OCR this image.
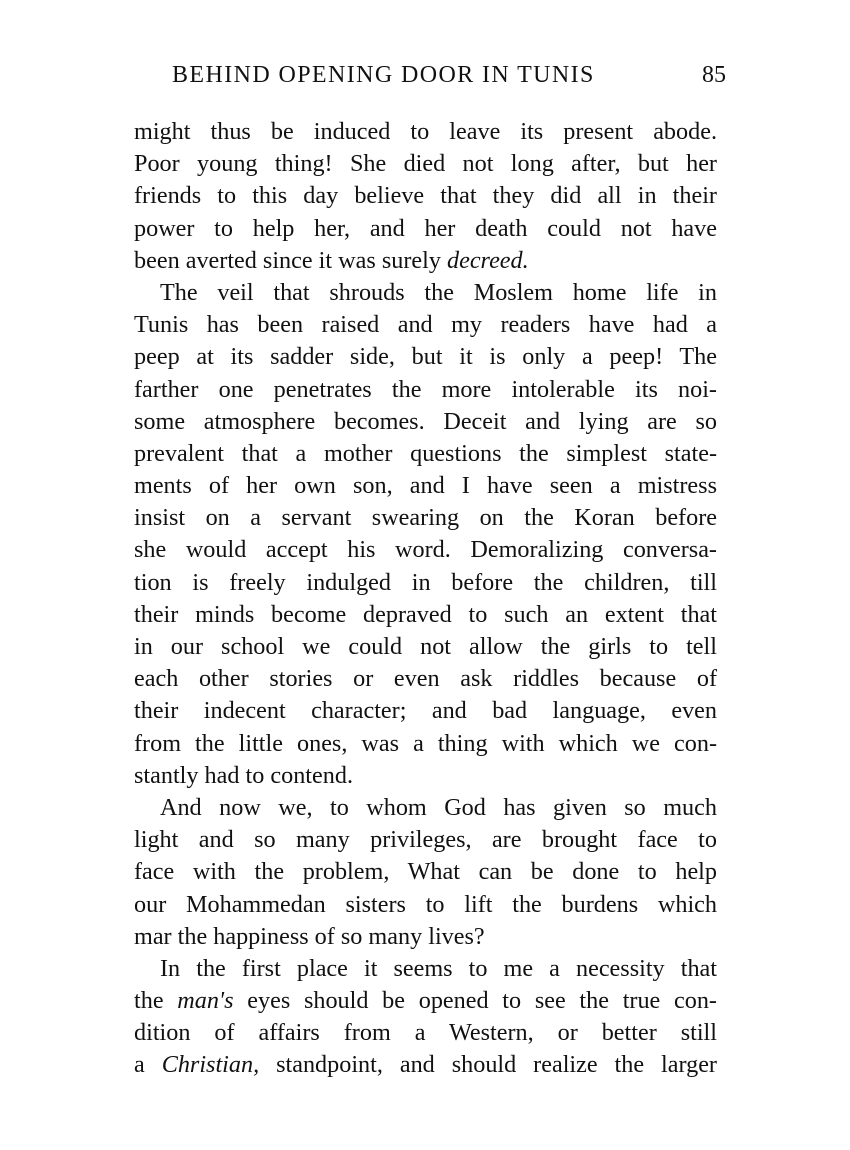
BEHIND OPENING DOOR IN TUNIS	85
might thus be induced to leave its present abode.
Poor young thing! She died not long after, but her
friends to this day believe that they did all in their
power to help her, and her death could not have
been averted since it was surely decreed.
The veil that shrouds the Moslem home life in
Tunis has been raised and my readers have had a
peep at its sadder side, but it is only a peep! The
farther one penetrates the more intolerable its noi-
some atmosphere becomes. Deceit and lying are so
prevalent that a mother questions the simplest state-
ments of her own son, and I have seen a mistress
insist on a servant swearing on the Koran before
she would accept his word. Demoralizing conversa-
tion is freely indulged in before the children, till
their minds become depraved to such an extent that
in our school we could not allow the girls to tell
each other stories or even ask riddles because of
their indecent character; and bad language, even
from the little ones, was a thing with which we con-
stantly had to contend.
And now we, to whom God has given so much
light and so many privileges, are brought face to
face with the problem, What can be done to help
our Mohammedan sisters to lift the burdens which
mar the happiness of so many lives?
In the first place it seems to me a necessity that
the man's eyes should be opened to see the true con-
dition of affairs from a Western, or better still
a Christian, standpoint, and should realize the larger
